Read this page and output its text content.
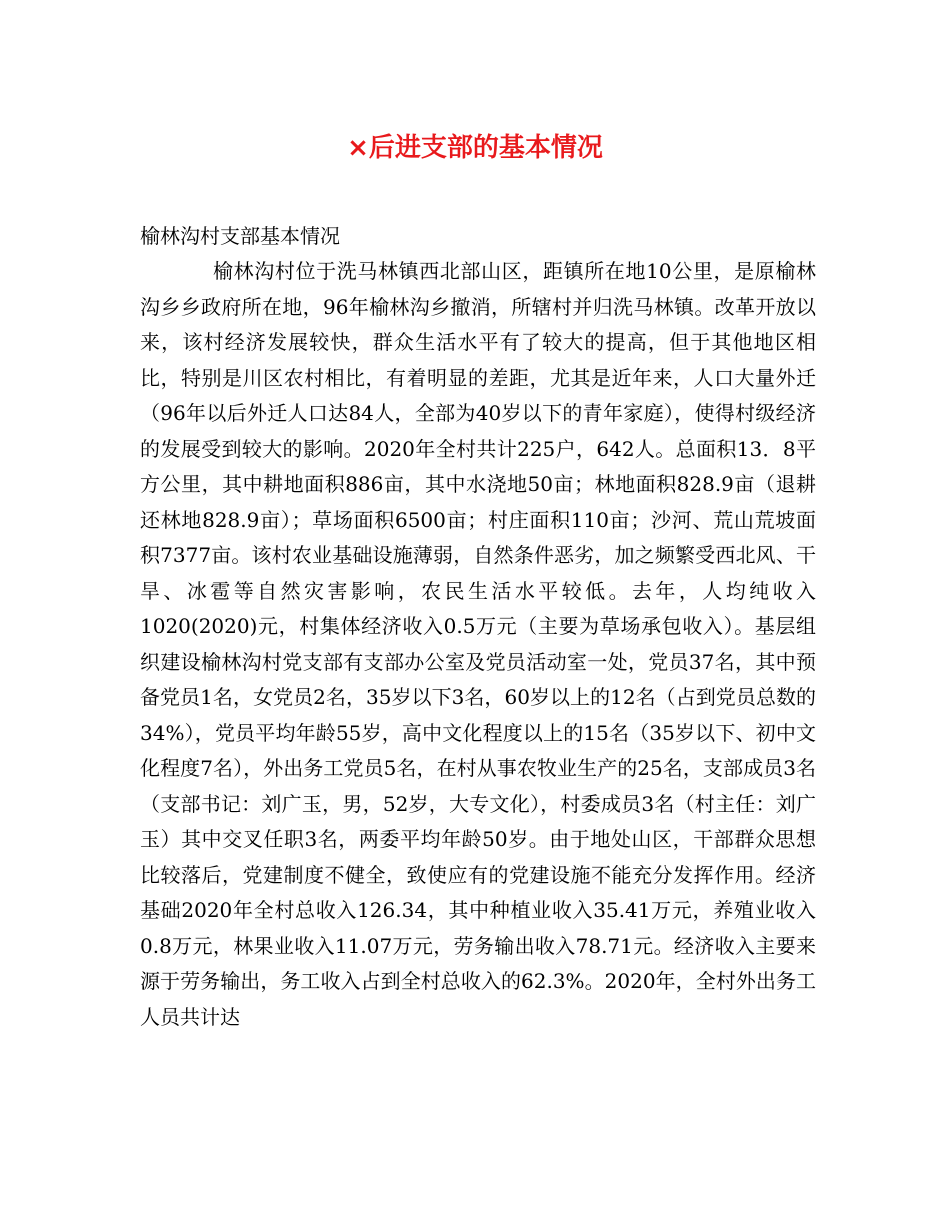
×后进支部的基本情况
榆林沟村支部基本情况

榆林沟村位于洗马林镇西北部山区，距镇所在地10公里，是原榆林沟乡乡政府所在地，96年榆林沟乡撤消，所辖村并归洗马林镇。改革开放以来，该村经济发展较快，群众生活水平有了较大的提高，但于其他地区相比，特别是川区农村相比，有着明显的差距，尤其是近年来，人口大量外迁（96年以后外迁人口达84人，全部为40岁以下的青年家庭），使得村级经济的发展受到较大的影响。2020年全村共计225户，642人。总面积13．8平方公里，其中耕地面积886亩，其中水浇地50亩；林地面积828.9亩（退耕还林地828.9亩）；草场面积6500亩；村庄面积110亩；沙河、荒山荒坡面积7377亩。该村农业基础设施薄弱，自然条件恶劣，加之频繁受西北风、干旱、冰雹等自然灾害影响，农民生活水平较低。去年，人均纯收入1020(2020)元，村集体经济收入0.5万元（主要为草场承包收入）。基层组织建设榆林沟村党支部有支部办公室及党员活动室一处，党员37名，其中预备党员1名，女党员2名，35岁以下3名，60岁以上的12名（占到党员总数的34%），党员平均年龄55岁，高中文化程度以上的15名（35岁以下、初中文化程度7名），外出务工党员5名，在村从事农牧业生产的25名，支部成员3名（支部书记：刘广玉，男，52岁，大专文化），村委成员3名（村主任：刘广玉）其中交叉任职3名，两委平均年龄50岁。由于地处山区，干部群众思想比较落后，党建制度不健全，致使应有的党建设施不能充分发挥作用。经济基础2020年全村总收入126.34，其中种植业收入35.41万元，养殖业收入0.8万元，林果业收入11.07万元，劳务输出收入78.71元。经济收入主要来源于劳务输出，务工收入占到全村总收入的62.3%。2020年，全村外出务工人员共计达
